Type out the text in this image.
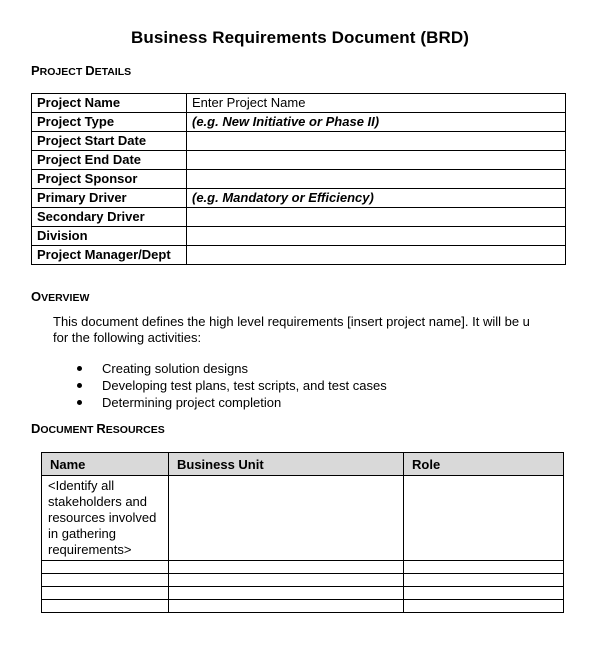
Business Requirements Document (BRD)
PROJECT DETAILS
Project Name	Enter Project Name
Project Type	(e.g. New Initiative or Phase II)
Project Start Date	
Project End Date	
Project Sponsor	
Primary Driver	(e.g. Mandatory or Efficiency)
Secondary Driver	
Division	
Project Manager/Dept	
OVERVIEW
This document defines the high level requirements [insert project name]. It will be u
for the following activities:
Creating solution designs
Developing test plans, test scripts, and test cases
Determining project completion
DOCUMENT RESOURCES
Name	Business Unit	Role
<Identify all
stakeholders and
resources involved
in gathering
requirements>		
